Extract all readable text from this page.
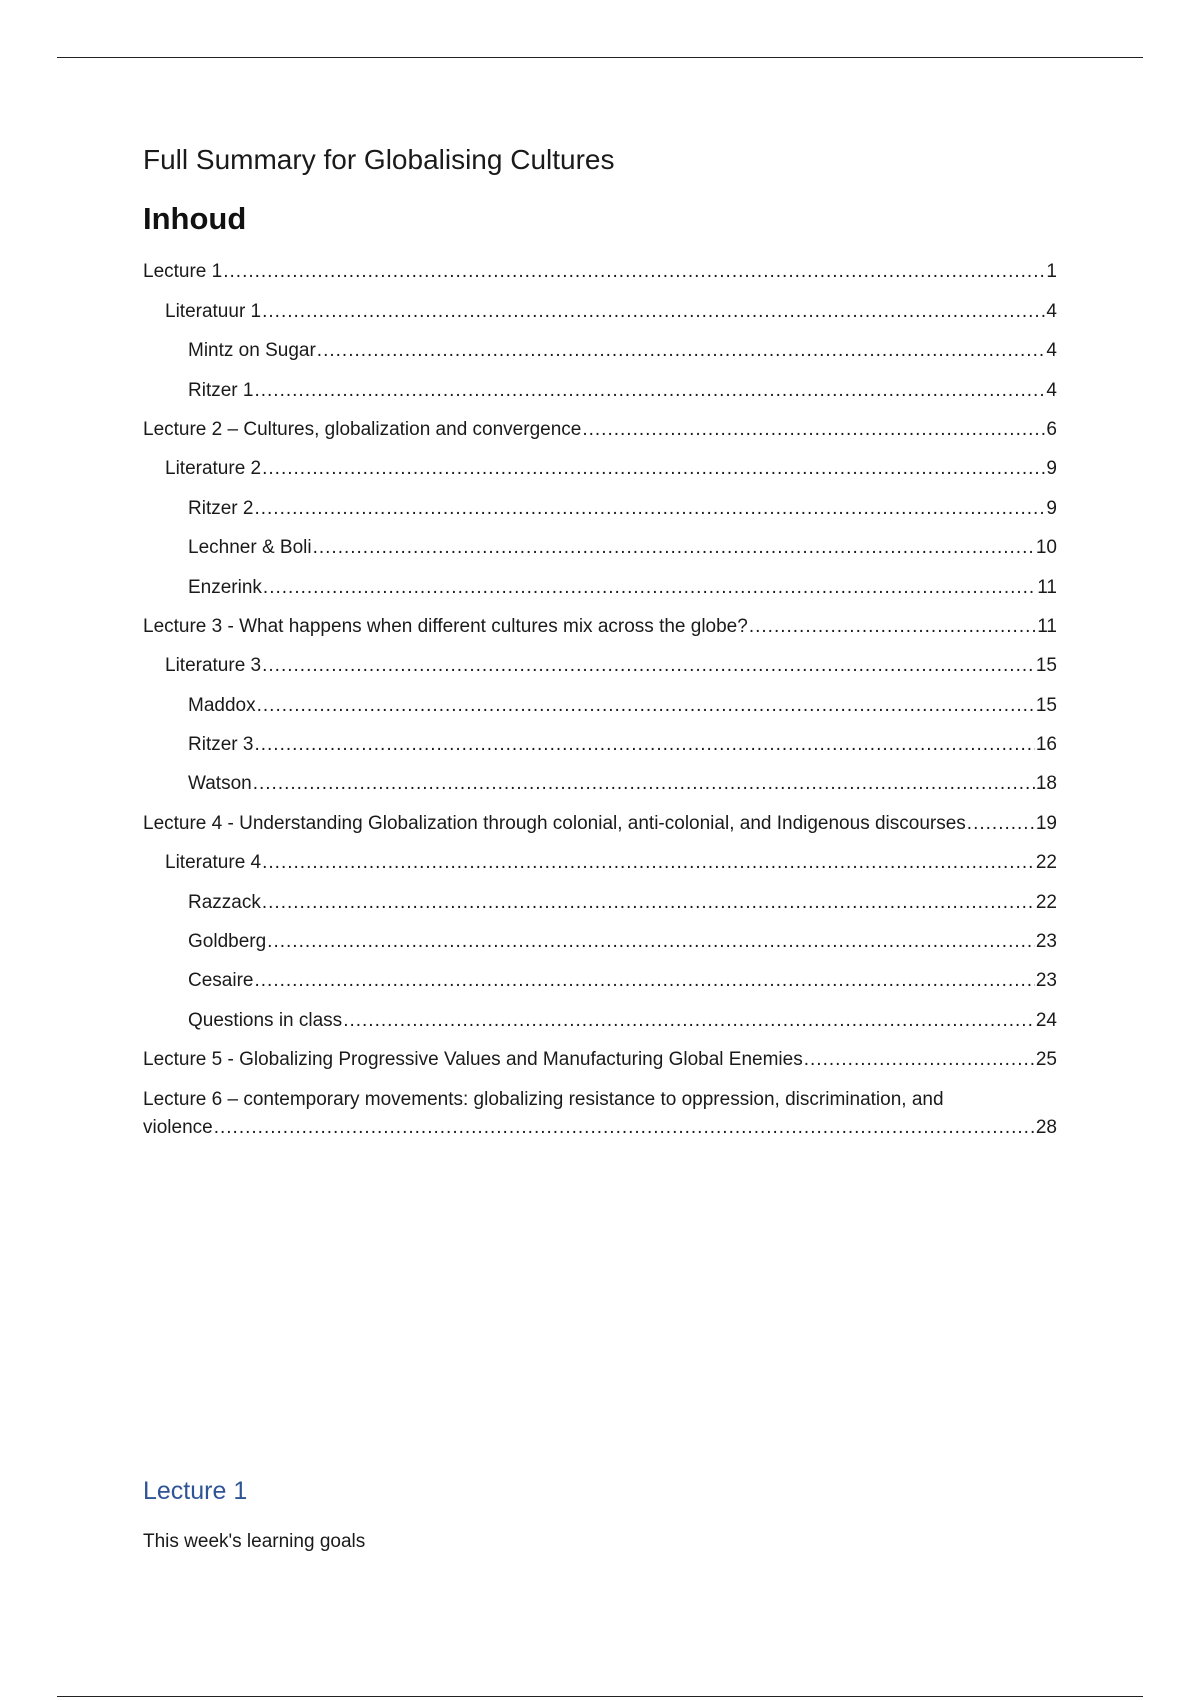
Full Summary for Globalising Cultures
Inhoud
Lecture 1 .....	1
Literatuur 1 .....	4
Mintz on Sugar .....	4
Ritzer 1 .....	4
Lecture 2 – Cultures, globalization and convergence .....	6
Literature 2 .....	9
Ritzer 2 .....	9
Lechner & Boli .....	10
Enzerink .....	11
Lecture 3 - What happens when different cultures mix across the globe? .....	11
Literature 3 .....	15
Maddox .....	15
Ritzer 3 .....	16
Watson .....	18
Lecture 4 - Understanding Globalization through colonial, anti-colonial, and Indigenous discourses .....	19
Literature 4 .....	22
Razzack .....	22
Goldberg .....	23
Cesaire .....	23
Questions in class .....	24
Lecture 5 - Globalizing Progressive Values and Manufacturing Global Enemies .....	25
Lecture 6 – contemporary movements: globalizing resistance to oppression, discrimination, and
violence .....	28
Lecture 1

This week's learning goals
